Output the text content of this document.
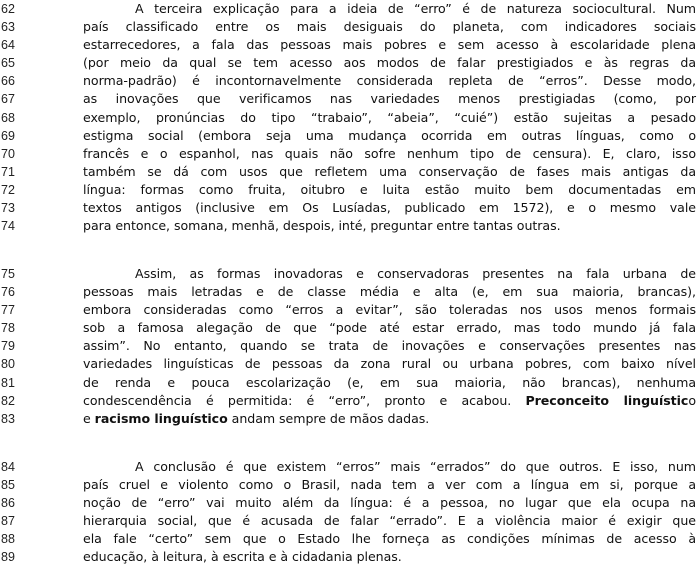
62	A terceira explicação para a ideia de “erro” é de natureza sociocultural. Num
63	país classificado entre os mais desiguais do planeta, com indicadores sociais
64	estarrecedores, a fala das pessoas mais pobres e sem acesso à escolaridade plena
65	(por meio da qual se tem acesso aos modos de falar prestigiados e às regras da
66	norma-padrão) é incontornavelmente considerada repleta de “erros”. Desse modo,
67	as inovações que verificamos nas variedades menos prestigiadas (como, por
68	exemplo, pronúncias do tipo “trabaio”, “abeia”, “cuié”) estão sujeitas a pesado
69	estigma social (embora seja uma mudança ocorrida em outras línguas, como o
70	francês e o espanhol, nas quais não sofre nenhum tipo de censura). E, claro, isso
71	também se dá com usos que refletem uma conservação de fases mais antigas da
72	língua: formas como fruita, oitubro e luita estão muito bem documentadas em
73	textos antigos (inclusive em Os Lusíadas, publicado em 1572), e o mesmo vale
74	para entonce, somana, menhã, despois, inté, preguntar entre tantas outras.
75	Assim, as formas inovadoras e conservadoras presentes na fala urbana de
76	pessoas mais letradas e de classe média e alta (e, em sua maioria, brancas),
77	embora consideradas como “erros a evitar”, são toleradas nos usos menos formais
78	sob a famosa alegação de que “pode até estar errado, mas todo mundo já fala
79	assim”. No entanto, quando se trata de inovações e conservações presentes nas
80	variedades linguísticas de pessoas da zona rural ou urbana pobres, com baixo nível
81	de renda e pouca escolarização (e, em sua maioria, não brancas), nenhuma
82	condescendência é permitida: é “erro”, pronto e acabou. Preconceito linguístico
83	e racismo linguístico andam sempre de mãos dadas.
84	A conclusão é que existem “erros” mais “errados” do que outros. E isso, num
85	país cruel e violento como o Brasil, nada tem a ver com a língua em si, porque a
86	noção de “erro” vai muito além da língua: é a pessoa, no lugar que ela ocupa na
87	hierarquia social, que é acusada de falar “errado”. E a violência maior é exigir que
88	ela fale “certo” sem que o Estado lhe forneça as condições mínimas de acesso à
89	educação, à leitura, à escrita e à cidadania plenas.
